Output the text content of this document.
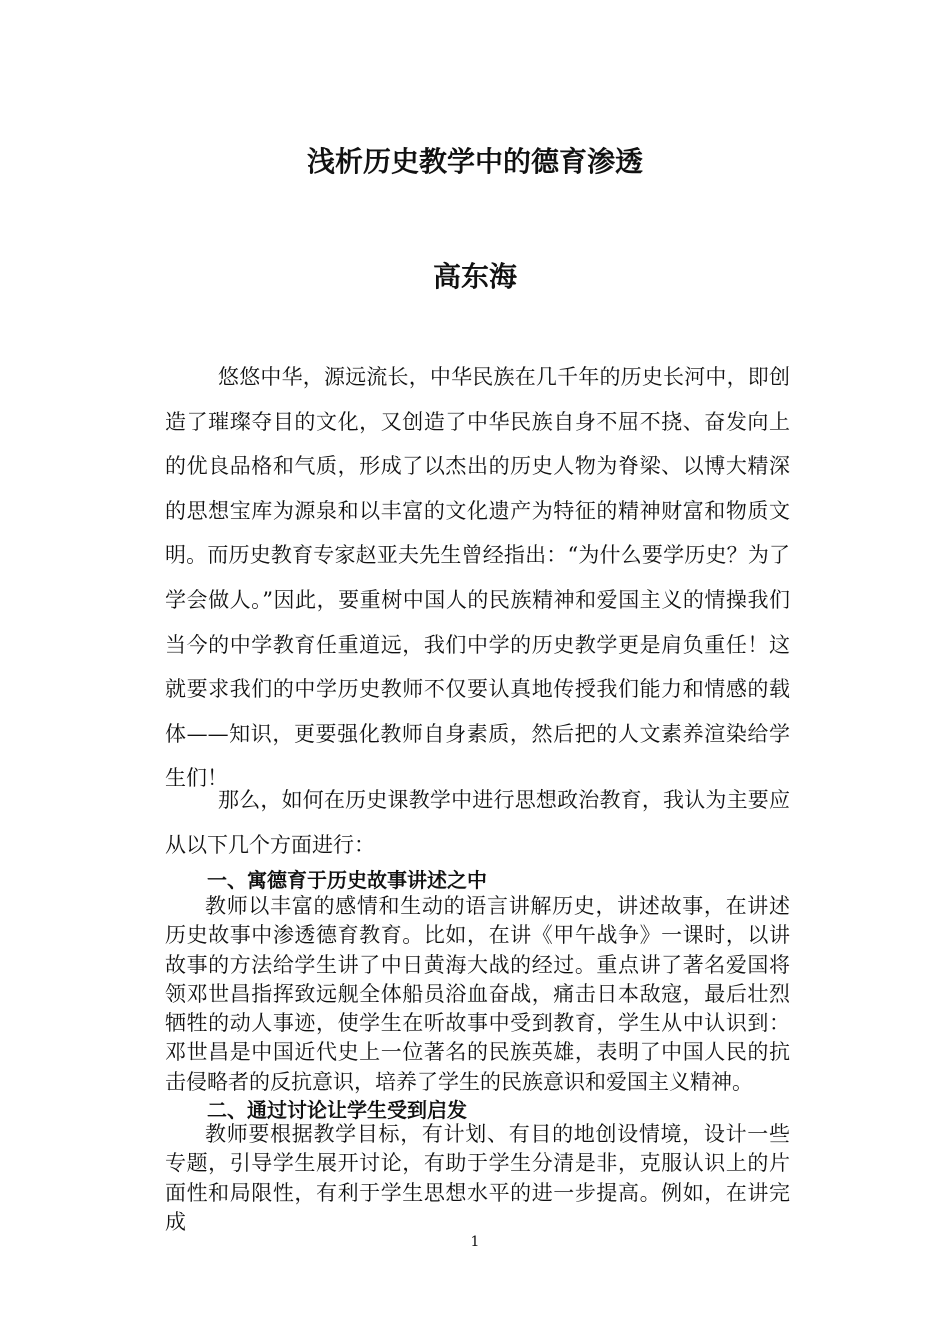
浅析历史教学中的德育渗透
高东海

悠悠中华，源远流长，中华民族在几千年的历史长河中，即创造了璀璨夺目的文化，又创造了中华民族自身不屈不挠、奋发向上的优良品格和气质，形成了以杰出的历史人物为脊梁、以博大精深的思想宝库为源泉和以丰富的文化遗产为特征的精神财富和物质文明。而历史教育专家赵亚夫先生曾经指出：“为什么要学历史？为了学会做人。”因此，要重树中国人的民族精神和爱国主义的情操我们当今的中学教育任重道远，我们中学的历史教学更是肩负重任！这就要求我们的中学历史教师不仅要认真地传授我们能力和情感的载体——知识，更要强化教师自身素质，然后把的人文素养渲染给学生们！

那么，如何在历史课教学中进行思想政治教育，我认为主要应从以下几个方面进行：

一、寓德育于历史故事讲述之中

教师以丰富的感情和生动的语言讲解历史，讲述故事，在讲述历史故事中渗透德育教育。比如，在讲《甲午战争》一课时，以讲故事的方法给学生讲了中日黄海大战的经过。重点讲了著名爱国将领邓世昌指挥致远舰全体船员浴血奋战，痛击日本敌寇，最后壮烈牺牲的动人事迹，使学生在听故事中受到教育，学生从中认识到：邓世昌是中国近代史上一位著名的民族英雄，表明了中国人民的抗击侵略者的反抗意识，培养了学生的民族意识和爱国主义精神。

二、通过讨论让学生受到启发

教师要根据教学目标，有计划、有目的地创设情境，设计一些专题，引导学生展开讨论，有助于学生分清是非，克服认识上的片面性和局限性，有利于学生思想水平的进一步提高。例如，在讲完成

1
